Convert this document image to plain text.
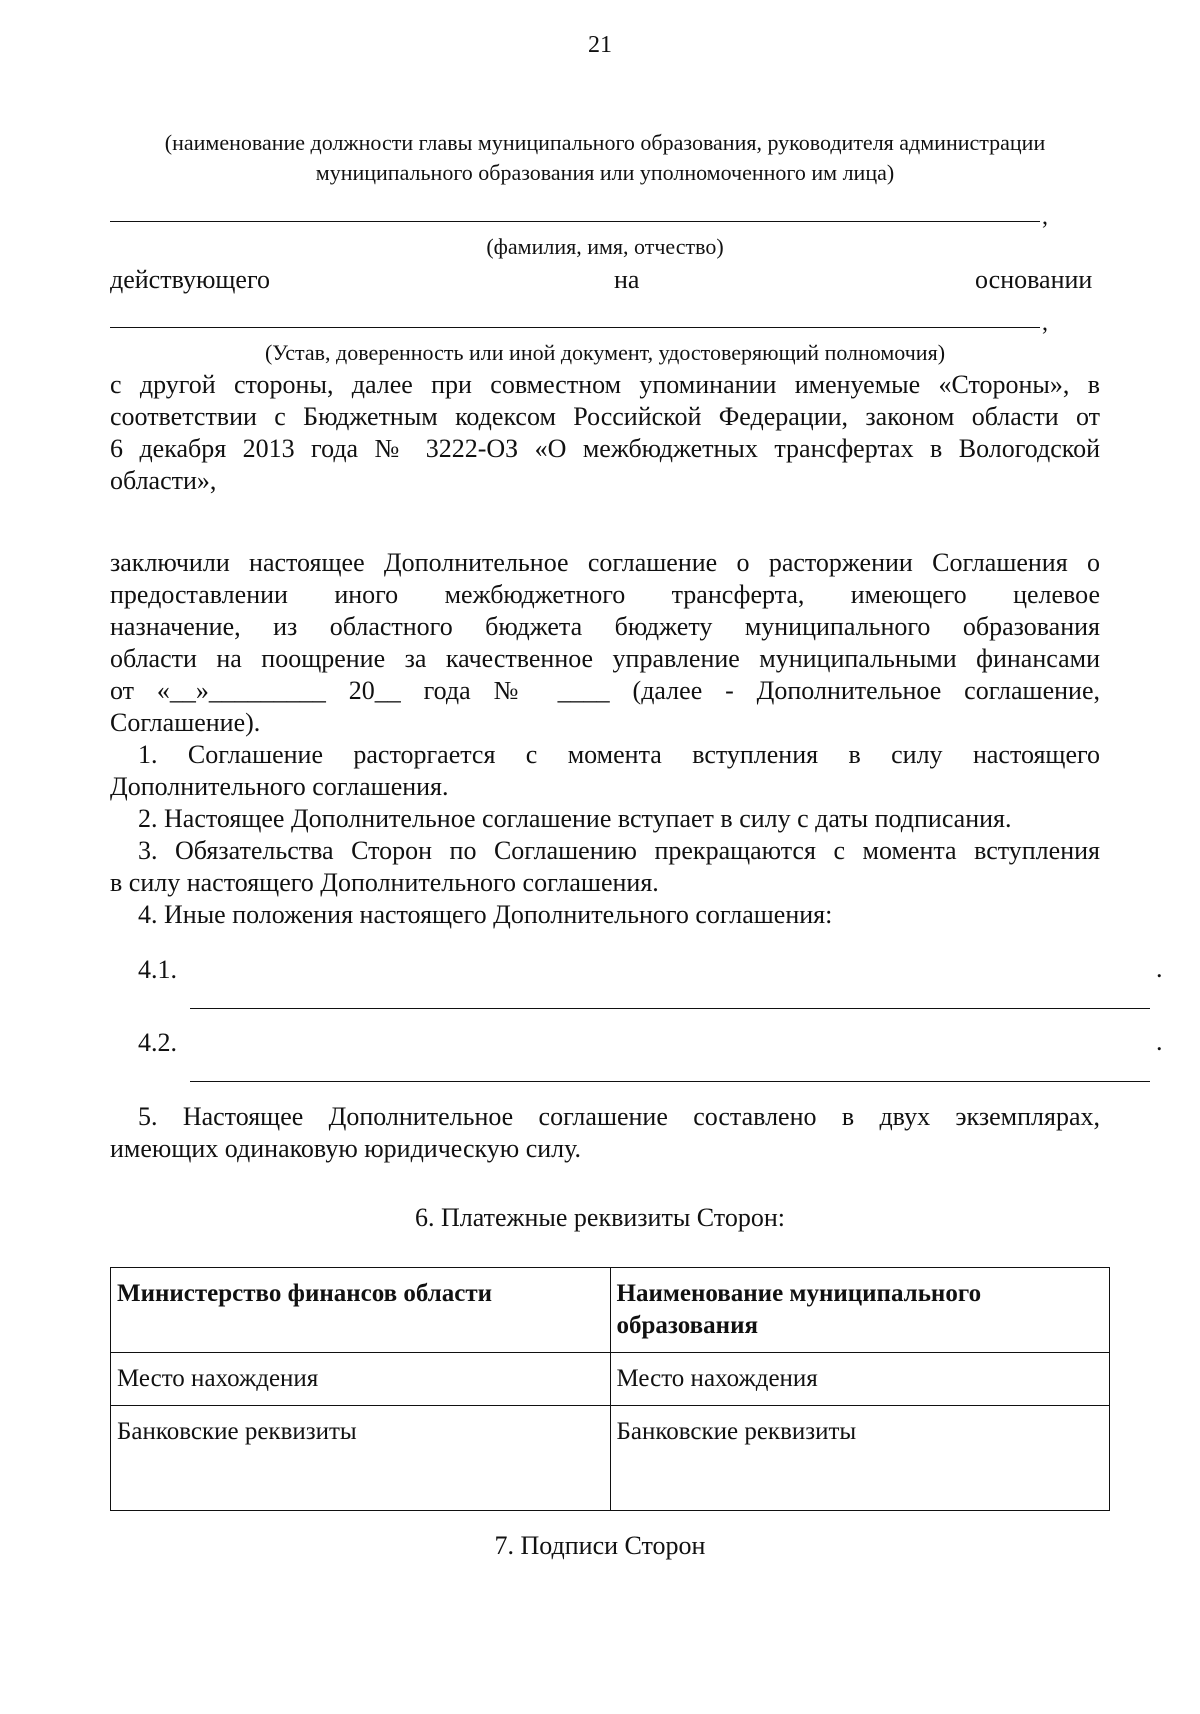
21
(наименование должности главы муниципального образования, руководителя администрации
муниципального образования или уполномоченного им лица)
,
(фамилия, имя, отчество)
действующего	на	основании
,
(Устав, доверенность или иной документ, удостоверяющий полномочия)
с другой стороны, далее при совместном упоминании именуемые «Стороны», в
соответствии с Бюджетным кодексом Российской Федерации, законом области от
6 декабря 2013 года № 3222-ОЗ «О межбюджетных трансфертах в Вологодской
области»,
заключили настоящее Дополнительное соглашение о расторжении Соглашения о
предоставлении иного межбюджетного трансферта, имеющего целевое
назначение, из областного бюджета бюджету муниципального образования
области на поощрение за качественное управление муниципальными финансами
от «__»_________ 20__ года № ____ (далее - Дополнительное соглашение,
Соглашение).
1. Соглашение расторгается с момента вступления в силу настоящего
Дополнительного соглашения.
2. Настоящее Дополнительное соглашение вступает в силу с даты подписания.
3. Обязательства Сторон по Соглашению прекращаются с момента вступления
в силу настоящего Дополнительного соглашения.
4. Иные положения настоящего Дополнительного соглашения:
4.1.	.
4.2.	.
5. Настоящее Дополнительное соглашение составлено в двух экземплярах,
имеющих одинаковую юридическую силу.
6. Платежные реквизиты Сторон:
Министерство финансов области	Наименование муниципального образования
Место нахождения	Место нахождения
Банковские реквизиты	Банковские реквизиты
7. Подписи Сторон
